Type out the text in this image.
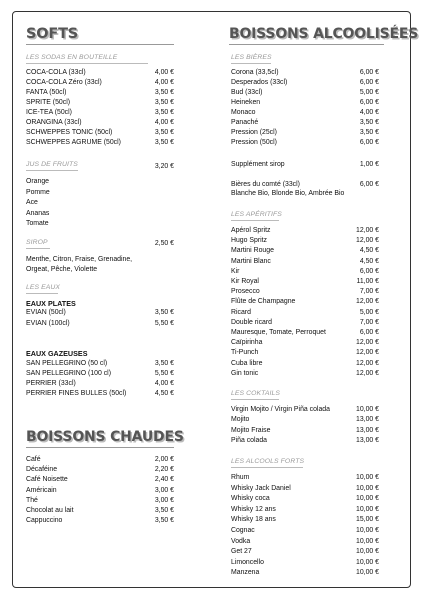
SOFTS
LES SODAS EN BOUTEILLE
COCA-COLA (33cl)	4,00 €
COCA-COLA Zéro (33cl)	4,00 €
FANTA (50cl)	3,50 €
SPRITE (50cl)	3,50 €
ICE-TEA (50cl)	3,50 €
ORANGINA (33cl)	4,00 €
SCHWEPPES TONIC (50cl)	3,50 €
SCHWEPPES AGRUME (50cl)	3,50 €
JUS DE FRUITS	3,20 €
Orange
Pomme
Ace
Ananas
Tomate
SIROP	2,50 €
Menthe, Citron, Fraise, Grenadine,
Orgeat, Pêche, Violette
LES EAUX
EAUX PLATES
EVIAN (50cl)	3,50 €
EVIAN (100cl)	5,50 €
EAUX GAZEUSES
SAN PELLEGRINO (50 cl)	3,50 €
SAN PELLEGRINO (100 cl)	5,50 €
PERRIER (33cl)	4,00 €
PERRIER FINES BULLES (50cl)	4,50 €
BOISSONS CHAUDES
Café	2,00 €
Décaféine	2,20 €
Café Noisette	2,40 €
Américain	3,00 €
Thé	3,00 €
Chocolat au lait	3,50 €
Cappuccino	3,50 €
BOISSONS ALCOOLISÉES
LES BIÈRES
Corona (33,5cl)	6,00 €
Desperados (33cl)	6,00 €
Bud (33cl)	5,00 €
Heineken	6,00 €
Monaco	4,00 €
Panaché	3,50 €
Pression (25cl)	3,50 €
Pression (50cl)	6,00 €
Supplément sirop	1,00 €
Bières du comté (33cl)	6,00 €
Blanche Bio, Blonde Bio, Ambrée Bio
LES APÉRITIFS
Apérol Spritz	12,00 €
Hugo Spritz	12,00 €
Martini Rouge	4,50 €
Martini Blanc	4,50 €
Kir	6,00 €
Kir Royal	11,00 €
Prosecco	7,00 €
Flûte de Champagne	12,00 €
Ricard	5,00 €
Double ricard	7,00 €
Mauresque, Tomate, Perroquet	6,00 €
Caïpirinha	12,00 €
Ti-Punch	12,00 €
Cuba libre	12,00 €
Gin tonic	12,00 €
LES COKTAILS
Virgin Mojito / Virgin Piña colada	10,00 €
Mojito	13,00 €
Mojito Fraise	13,00 €
Piña colada	13,00 €
LES ALCOOLS FORTS
Rhum	10,00 €
Whisky Jack Daniel	10,00 €
Whisky coca	10,00 €
Whisky 12 ans	10,00 €
Whisky 18 ans	15,00 €
Cognac	10,00 €
Vodka	10,00 €
Get 27	10,00 €
Limoncello	10,00 €
Manzena	10,00 €
